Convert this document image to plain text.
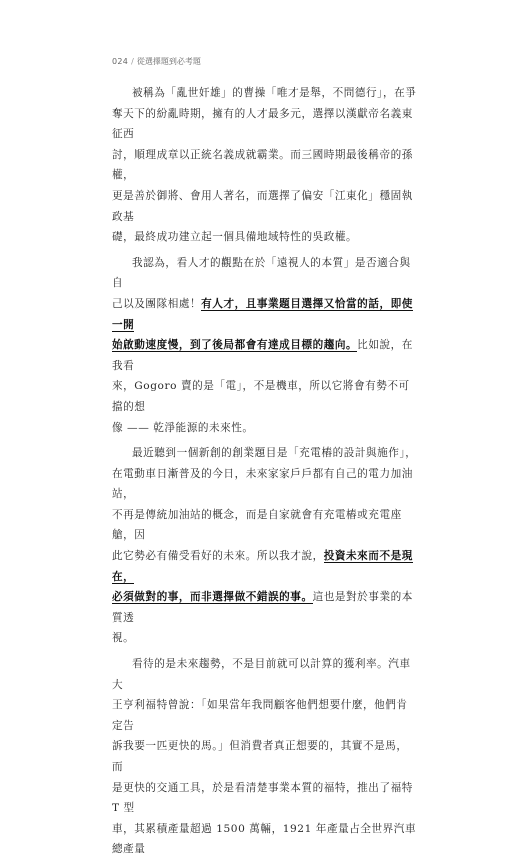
024 / 從選擇題到必考題
被稱為「亂世奸雄」的曹操「唯才是舉，不問德行」，在爭
奪天下的紛亂時期，擁有的人才最多元，選擇以漢獻帝名義東征西
討，順理成章以正統名義成就霸業。而三國時期最後稱帝的孫權，
更是善於御將、會用人著名，而選擇了偏安「江東化」穩固執政基
礎，最終成功建立起一個具備地域特性的吳政權。
我認為，看人才的觀點在於「遠視人的本質」是否適合與自
己以及團隊相處！有人才，且事業題目選擇又恰當的話，即使一開
始啟動速度慢，到了後局都會有達成目標的趨向。比如說，在我看
來，Gogoro 賣的是「電」，不是機車，所以它將會有勢不可擋的想
像 —— 乾淨能源的未來性。
最近聽到一個新創的創業題目是「充電樁的設計與施作」，
在電動車日漸普及的今日，未來家家戶戶都有自己的電力加油站，
不再是傳統加油站的概念，而是自家就會有充電樁或充電座艙，因
此它勢必有備受看好的未來。所以我才說，投資未來而不是現在，
必須做對的事，而非選擇做不錯誤的事。這也是對於事業的本質透
視。
看待的是未來趨勢，不是目前就可以計算的獲利率。汽車大
王亨利福特曾說：「如果當年我問顧客他們想要什麼，他們肯定告
訴我要一匹更快的馬。」但消費者真正想要的，其實不是馬，而
是更快的交通工具，於是看清楚事業本質的福特，推出了福特 T 型
車，其累積產量超過 1500 萬輛，1921 年產量占全世界汽車總產量
